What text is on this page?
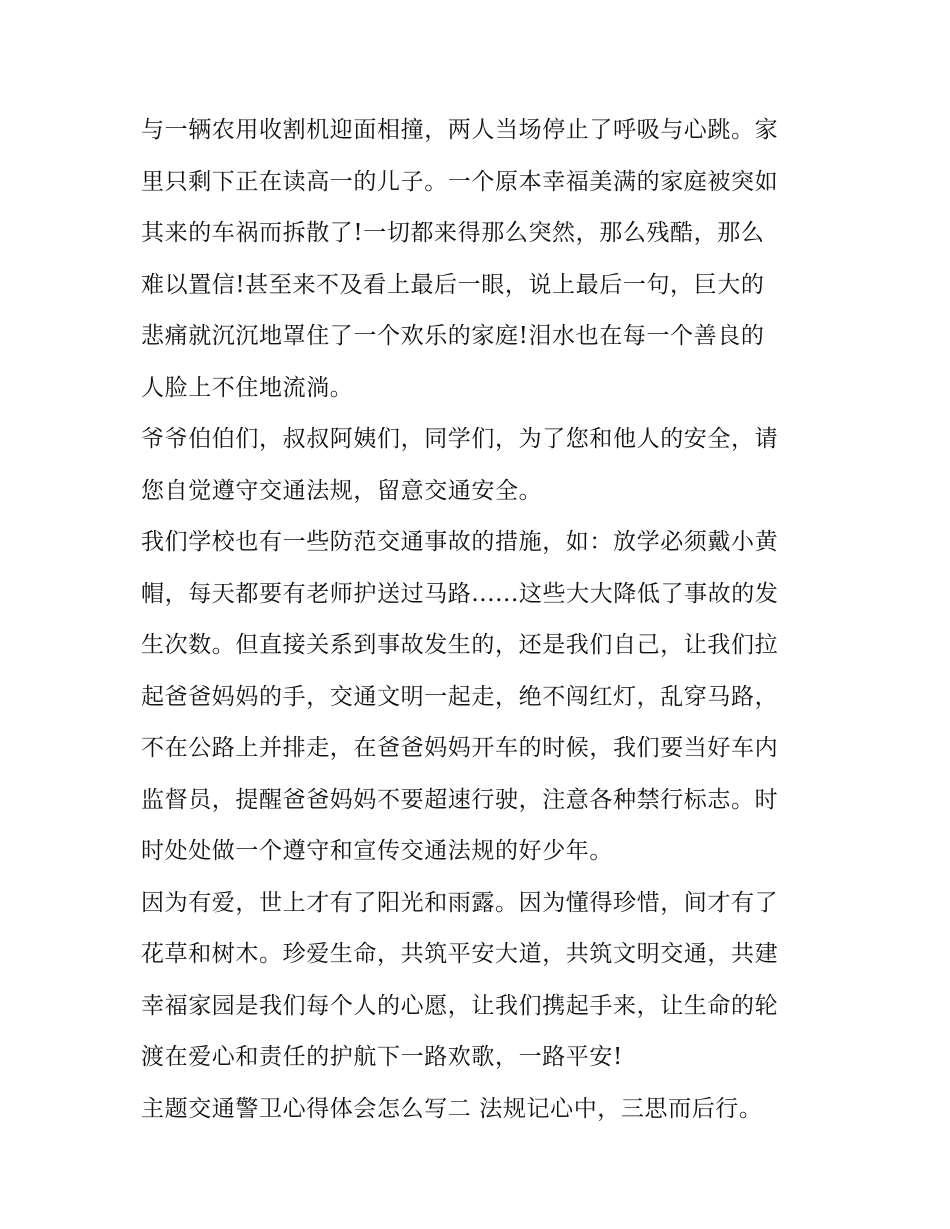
与一辆农用收割机迎面相撞，两人当场停止了呼吸与心跳。家
里只剩下正在读高一的儿子。一个原本幸福美满的家庭被突如
其来的车祸而拆散了!一切都来得那么突然，那么残酷，那么
难以置信!甚至来不及看上最后一眼，说上最后一句，巨大的
悲痛就沉沉地罩住了一个欢乐的家庭!泪水也在每一个善良的
人脸上不住地流淌。
爷爷伯伯们，叔叔阿姨们，同学们，为了您和他人的安全，请
您自觉遵守交通法规，留意交通安全。
我们学校也有一些防范交通事故的措施，如：放学必须戴小黄
帽，每天都要有老师护送过马路......这些大大降低了事故的发
生次数。但直接关系到事故发生的，还是我们自己，让我们拉
起爸爸妈妈的手，交通文明一起走，绝不闯红灯，乱穿马路，
不在公路上并排走，在爸爸妈妈开车的时候，我们要当好车内
监督员，提醒爸爸妈妈不要超速行驶，注意各种禁行标志。时
时处处做一个遵守和宣传交通法规的好少年。
因为有爱，世上才有了阳光和雨露。因为懂得珍惜，间才有了
花草和树木。珍爱生命，共筑平安大道，共筑文明交通，共建
幸福家园是我们每个人的心愿，让我们携起手来，让生命的轮
渡在爱心和责任的护航下一路欢歌，一路平安!
主题交通警卫心得体会怎么写二 法规记心中，三思而后行。
